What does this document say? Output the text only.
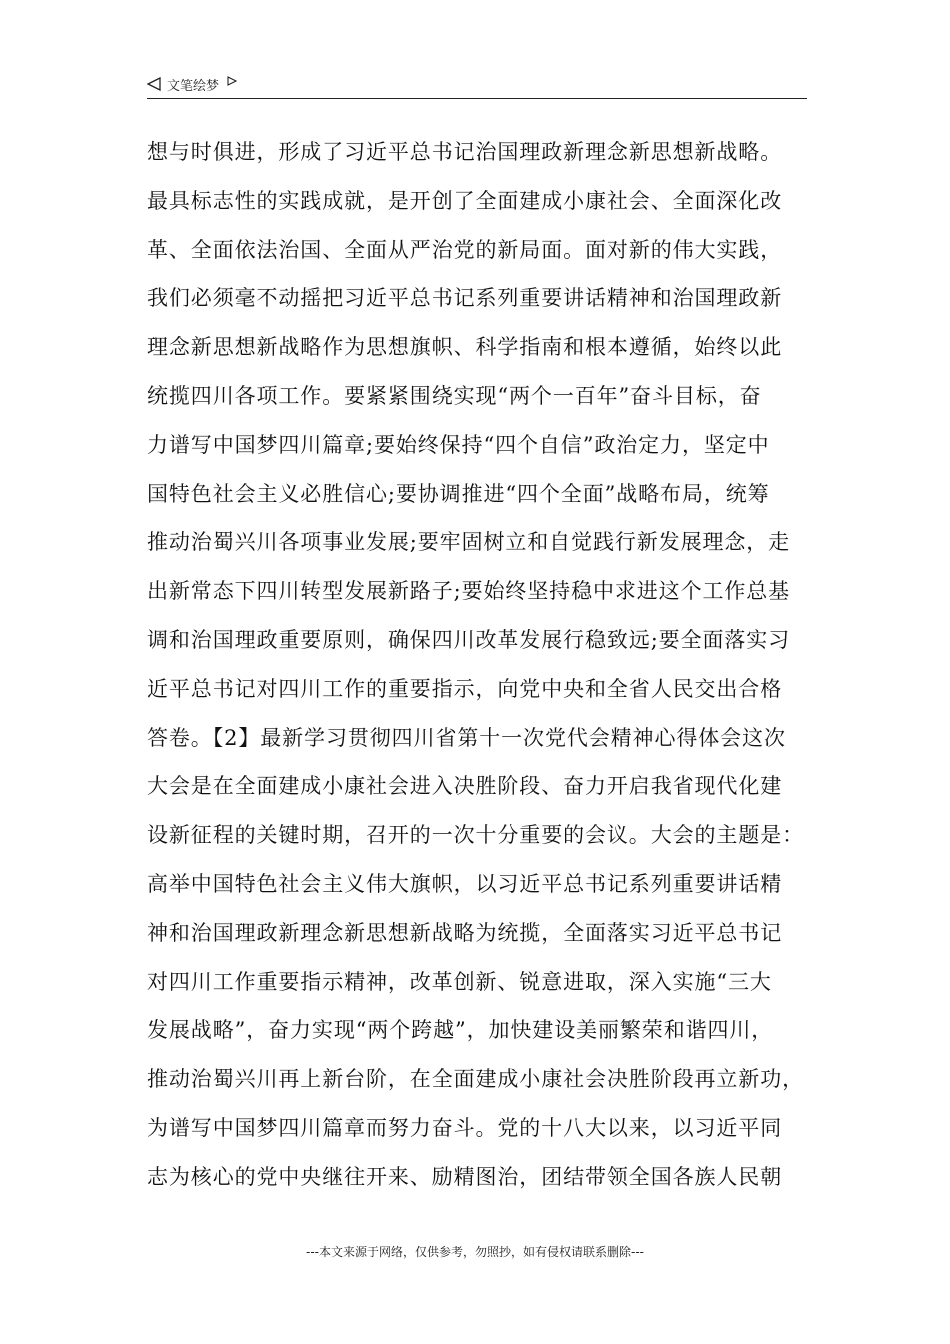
文笔绘梦
想与时俱进，形成了习近平总书记治国理政新理念新思想新战略。
最具标志性的实践成就，是开创了全面建成小康社会、全面深化改
革、全面依法治国、全面从严治党的新局面。面对新的伟大实践，
我们必须毫不动摇把习近平总书记系列重要讲话精神和治国理政新
理念新思想新战略作为思想旗帜、科学指南和根本遵循，始终以此
统揽四川各项工作。要紧紧围绕实现“两个一百年”奋斗目标，奋
力谱写中国梦四川篇章;要始终保持“四个自信”政治定力，坚定中
国特色社会主义必胜信心;要协调推进“四个全面”战略布局，统筹
推动治蜀兴川各项事业发展;要牢固树立和自觉践行新发展理念，走
出新常态下四川转型发展新路子;要始终坚持稳中求进这个工作总基
调和治国理政重要原则，确保四川改革发展行稳致远;要全面落实习
近平总书记对四川工作的重要指示，向党中央和全省人民交出合格
答卷。【2】最新学习贯彻四川省第十一次党代会精神心得体会这次
大会是在全面建成小康社会进入决胜阶段、奋力开启我省现代化建
设新征程的关键时期，召开的一次十分重要的会议。大会的主题是：
高举中国特色社会主义伟大旗帜，以习近平总书记系列重要讲话精
神和治国理政新理念新思想新战略为统揽，全面落实习近平总书记
对四川工作重要指示精神，改革创新、锐意进取，深入实施“三大
发展战略”，奋力实现“两个跨越”，加快建设美丽繁荣和谐四川，
推动治蜀兴川再上新台阶，在全面建成小康社会决胜阶段再立新功，
为谱写中国梦四川篇章而努力奋斗。党的十八大以来，以习近平同
志为核心的党中央继往开来、励精图治，团结带领全国各族人民朝
---本文来源于网络，仅供参考，勿照抄，如有侵权请联系删除---
